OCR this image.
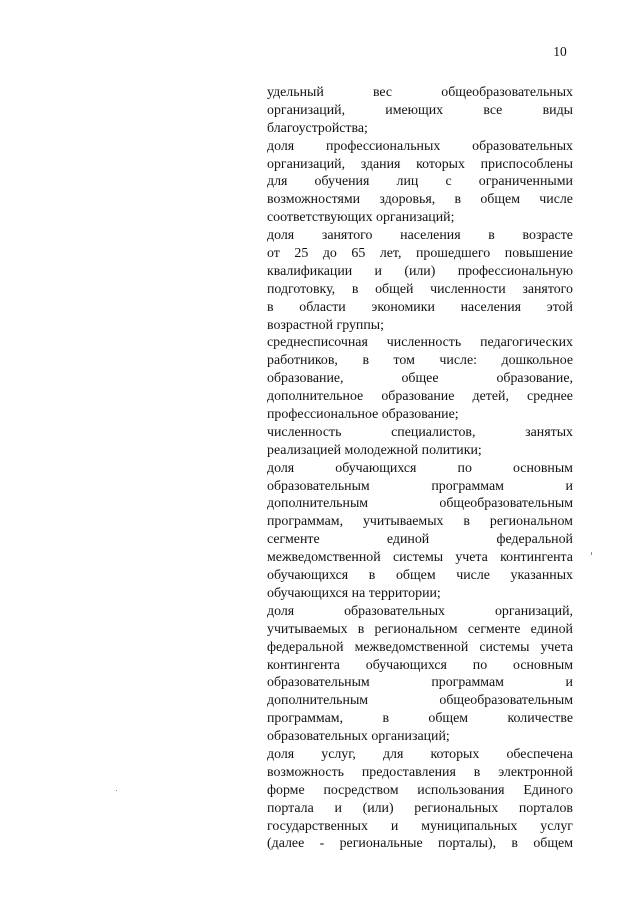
10
удельный	вес	общеобразовательных
организаций,	имеющих	все	виды
благоустройства;
доля профессиональных образовательных
организаций, здания которых приспособлены
для обучения лиц с ограниченными
возможностями здоровья, в общем числе
соответствующих организаций;
доля занятого населения в возрасте
от 25 до 65 лет, прошедшего повышение
квалификации и (или) профессиональную
подготовку, в общей численности занятого
в области экономики населения этой
возрастной группы;
среднесписочная численность педагогических
работников, в том числе: дошкольное
образование,	общее	образование,
дополнительное образование детей, среднее
профессиональное образование;
численность	специалистов,	занятых
реализацией молодежной политики;
доля	обучающихся	по	основным
образовательным	программам	и
дополнительным	общеобразовательным
программам, учитываемых в региональном
сегменте	единой	федеральной
межведомственной системы учета контингента
обучающихся в общем числе указанных
обучающихся на территории;
доля	образовательных	организаций,
учитываемых в региональном сегменте единой
федеральной межведомственной системы учета
контингента обучающихся по основным
образовательным	программам	и
дополнительным	общеобразовательным
программам,	в	общем	количестве
образовательных организаций;
доля услуг, для которых обеспечена
возможность предоставления в электронной
форме посредством использования Единого
портала и (или) региональных порталов
государственных и муниципальных услуг
(далее - региональные порталы), в общем
